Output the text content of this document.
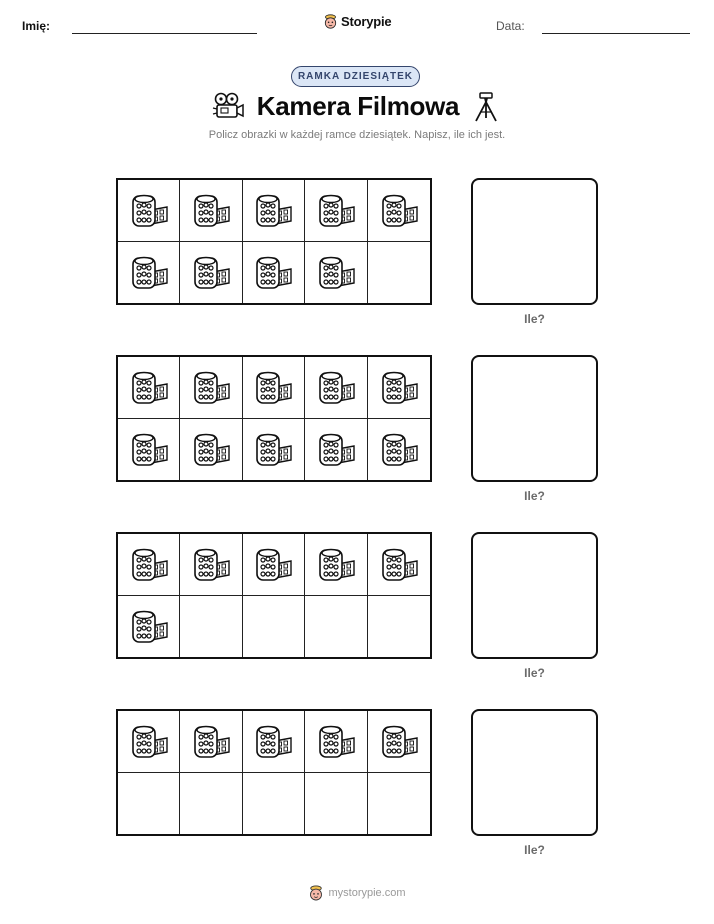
Imię:	Storypie	Data:
RAMKA DZIESIĄTEK
Kamera Filmowa
Policz obrazki w każdej ramce dziesiątek. Napisz, ile ich jest.
Ile?
Ile?
Ile?
Ile?
mystorypie.com
